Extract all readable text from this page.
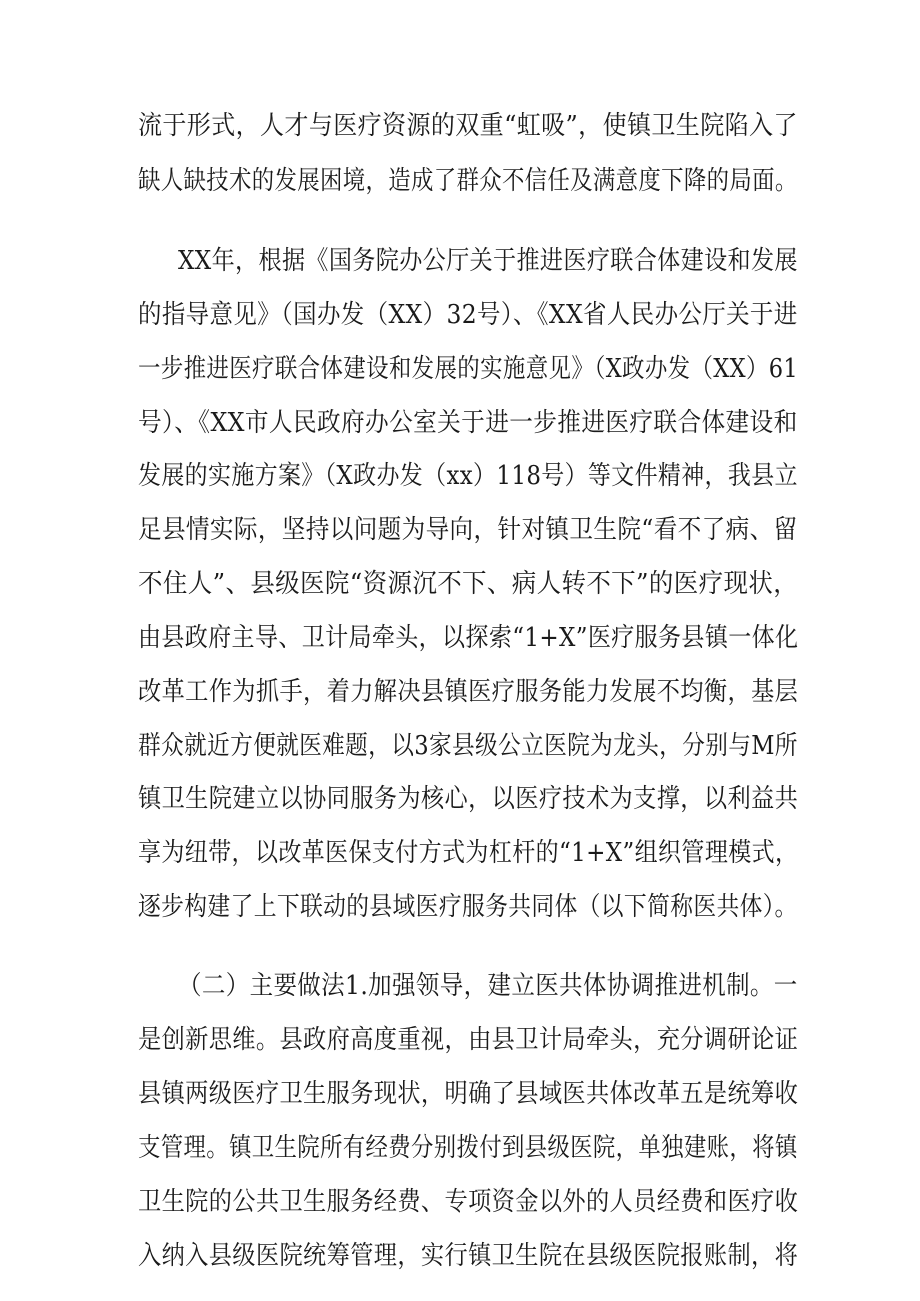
流于形式，人才与医疗资源的双重“虹吸”，使镇卫生院陷入了
缺人缺技术的发展困境，造成了群众不信任及满意度下降的局面。
XX年，根据《国务院办公厅关于推进医疗联合体建设和发展
的指导意见》（国办发（XX）32号）、《XX省人民办公厅关于进
一步推进医疗联合体建设和发展的实施意见》（X政办发（XX）61
号）、《XX市人民政府办公室关于进一步推进医疗联合体建设和
发展的实施方案》（X政办发（xx）118号）等文件精神，我县立
足县情实际，坚持以问题为导向，针对镇卫生院“看不了病、留
不住人”、县级医院“资源沉不下、病人转不下”的医疗现状，
由县政府主导、卫计局牵头，以探索“1+X”医疗服务县镇一体化
改革工作为抓手，着力解决县镇医疗服务能力发展不均衡，基层
群众就近方便就医难题，以3家县级公立医院为龙头，分别与M所
镇卫生院建立以协同服务为核心，以医疗技术为支撑，以利益共
享为纽带，以改革医保支付方式为杠杆的“1+X”组织管理模式，
逐步构建了上下联动的县域医疗服务共同体（以下简称医共体）。
（二）主要做法1.加强领导，建立医共体协调推进机制。一
是创新思维。县政府高度重视，由县卫计局牵头，充分调研论证
县镇两级医疗卫生服务现状，明确了县域医共体改革五是统筹收
支管理。镇卫生院所有经费分别拨付到县级医院，单独建账，将镇
卫生院的公共卫生服务经费、专项资金以外的人员经费和医疗收
入纳入县级医院统筹管理，实行镇卫生院在县级医院报账制，将
